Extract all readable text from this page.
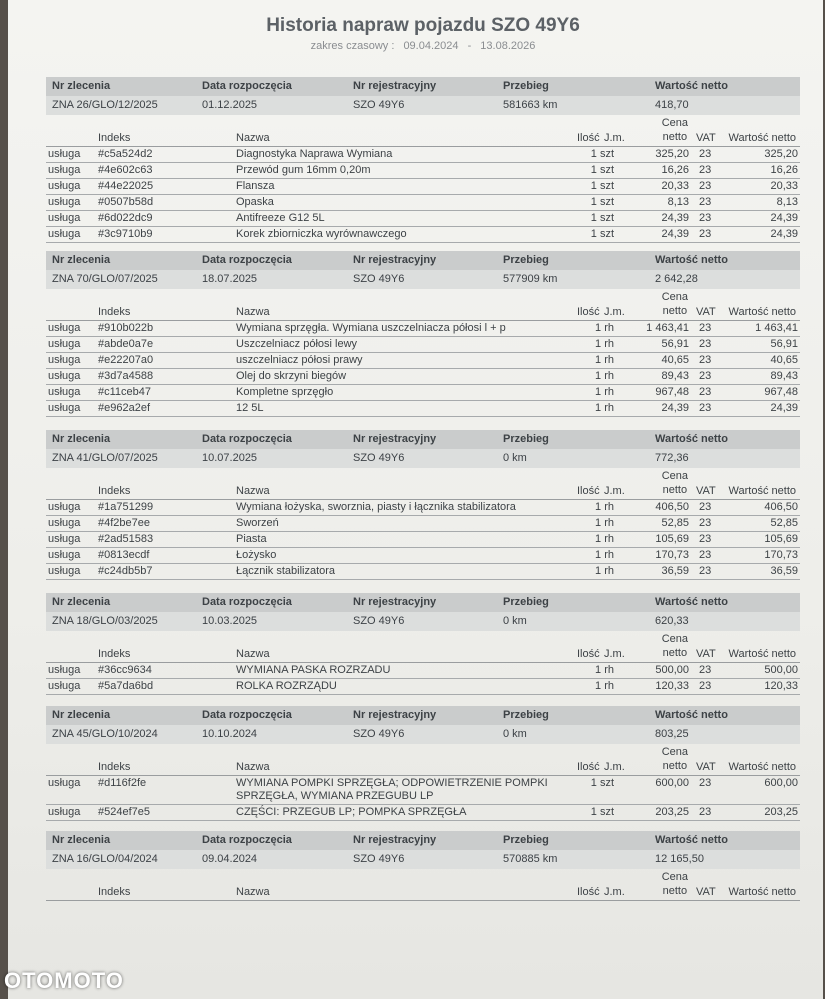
Historia napraw pojazdu SZO 49Y6
zakres czasowy : 09.04.2024 - 13.08.2026
Nr zlecenia	Data rozpoczęcia	Nr rejestracyjny	Przebieg	Wartość netto
ZNA 26/GLO/12/2025	01.12.2025	SZO 49Y6	581663 km	418,70
Indeks	Nazwa	Ilość J.m.
Cena
netto VAT Wartość netto
usługa #c5a524d2	Diagnostyka Naprawa Wymiana	1 szt	325,20 23	325,20
usługa #4e602c63	Przewód gum 16mm 0,20m	1 szt	16,26 23	16,26
usługa #44e22025	Flansza	1 szt	20,33 23	20,33
usługa #0507b58d	Opaska	1 szt	8,13 23	8,13
usługa #6d022dc9	Antifreeze G12 5L	1 szt	24,39 23	24,39
usługa #3c9710b9	Korek zbiorniczka wyrównawczego	1 szt	24,39 23	24,39
Nr zlecenia	Data rozpoczęcia	Nr rejestracyjny	Przebieg	Wartość netto
ZNA 70/GLO/07/2025	18.07.2025	SZO 49Y6	577909 km	2 642,28
Indeks	Nazwa	Ilość J.m.
Cena
netto VAT Wartość netto
usługa #910b022b	Wymiana sprzęgła. Wymiana uszczelniacza półosi l + p	1 rh	1 463,41 23	1 463,41
usługa #abde0a7e	Uszczelniacz półosi lewy	1 rh	56,91 23	56,91
usługa #e22207a0	uszczelniacz półosi prawy	1 rh	40,65 23	40,65
usługa #3d7a4588	Olej do skrzyni biegów	1 rh	89,43 23	89,43
usługa #c11ceb47	Kompletne sprzęgło	1 rh	967,48 23	967,48
usługa #e962a2ef	12 5L	1 rh	24,39 23	24,39
Nr zlecenia	Data rozpoczęcia	Nr rejestracyjny	Przebieg	Wartość netto
ZNA 41/GLO/07/2025	10.07.2025	SZO 49Y6	0 km	772,36
Indeks	Nazwa	Ilość J.m.
Cena
netto VAT Wartość netto
usługa #1a751299	Wymiana łożyska, sworznia, piasty i łącznika stabilizatora	1 rh	406,50 23	406,50
usługa #4f2be7ee	Sworzeń	1 rh	52,85 23	52,85
usługa #2ad51583	Piasta	1 rh	105,69 23	105,69
usługa #0813ecdf	Łożysko	1 rh	170,73 23	170,73
usługa #c24db5b7	Łącznik stabilizatora	1 rh	36,59 23	36,59
Nr zlecenia	Data rozpoczęcia	Nr rejestracyjny	Przebieg	Wartość netto
ZNA 18/GLO/03/2025	10.03.2025	SZO 49Y6	0 km	620,33
Indeks	Nazwa	Ilość J.m.
Cena
netto VAT Wartość netto
usługa #36cc9634	WYMIANA PASKA ROZRZADU	1 rh	500,00 23	500,00
usługa #5a7da6bd	ROLKA ROZRZĄDU	1 rh	120,33 23	120,33
Nr zlecenia	Data rozpoczęcia	Nr rejestracyjny	Przebieg	Wartość netto
ZNA 45/GLO/10/2024	10.10.2024	SZO 49Y6	0 km	803,25
Indeks	Nazwa	Ilość J.m.
Cena
netto VAT Wartość netto
usługa #d116f2fe	WYMIANA POMPKI SPRZĘGŁA; ODPOWIETRZENIE POMPKI SPRZĘGŁA, WYMIANA PRZEGUBU LP
1 szt	600,00 23	600,00
usługa #524ef7e5	CZĘŚCI: PRZEGUB LP; POMPKA SPRZĘGŁA	1 szt	203,25 23	203,25
Nr zlecenia	Data rozpoczęcia	Nr rejestracyjny	Przebieg	Wartość netto
ZNA 16/GLO/04/2024	09.04.2024	SZO 49Y6	570885 km	12 165,50
Indeks	Nazwa	Ilość J.m.
Cena
netto VAT Wartość netto
OTOMOTO
